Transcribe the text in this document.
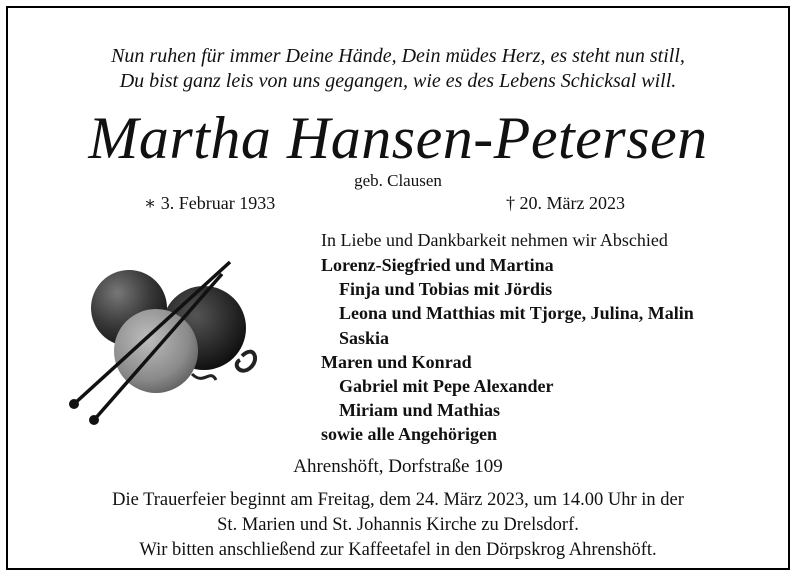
Nun ruhen für immer Deine Hände, Dein müdes Herz, es steht nun still,
Du bist ganz leis von uns gegangen, wie es des Lebens Schicksal will.
Martha Hansen-Petersen
geb. Clausen
∗ 3. Februar 1933	† 20. März 2023
In Liebe und Dankbarkeit nehmen wir Abschied
Lorenz-Siegfried und Martina
Finja und Tobias mit Jördis
Leona und Matthias mit Tjorge, Julina, Malin
Saskia
Maren und Konrad
Gabriel mit Pepe Alexander
Miriam und Mathias
sowie alle Angehörigen
Ahrenshöft, Dorfstraße 109
Die Trauerfeier beginnt am Freitag, dem 24. März 2023, um 14.00 Uhr in der
St. Marien und St. Johannis Kirche zu Drelsdorf.
Wir bitten anschließend zur Kaffeetafel in den Dörpskrog Ahrenshöft.
